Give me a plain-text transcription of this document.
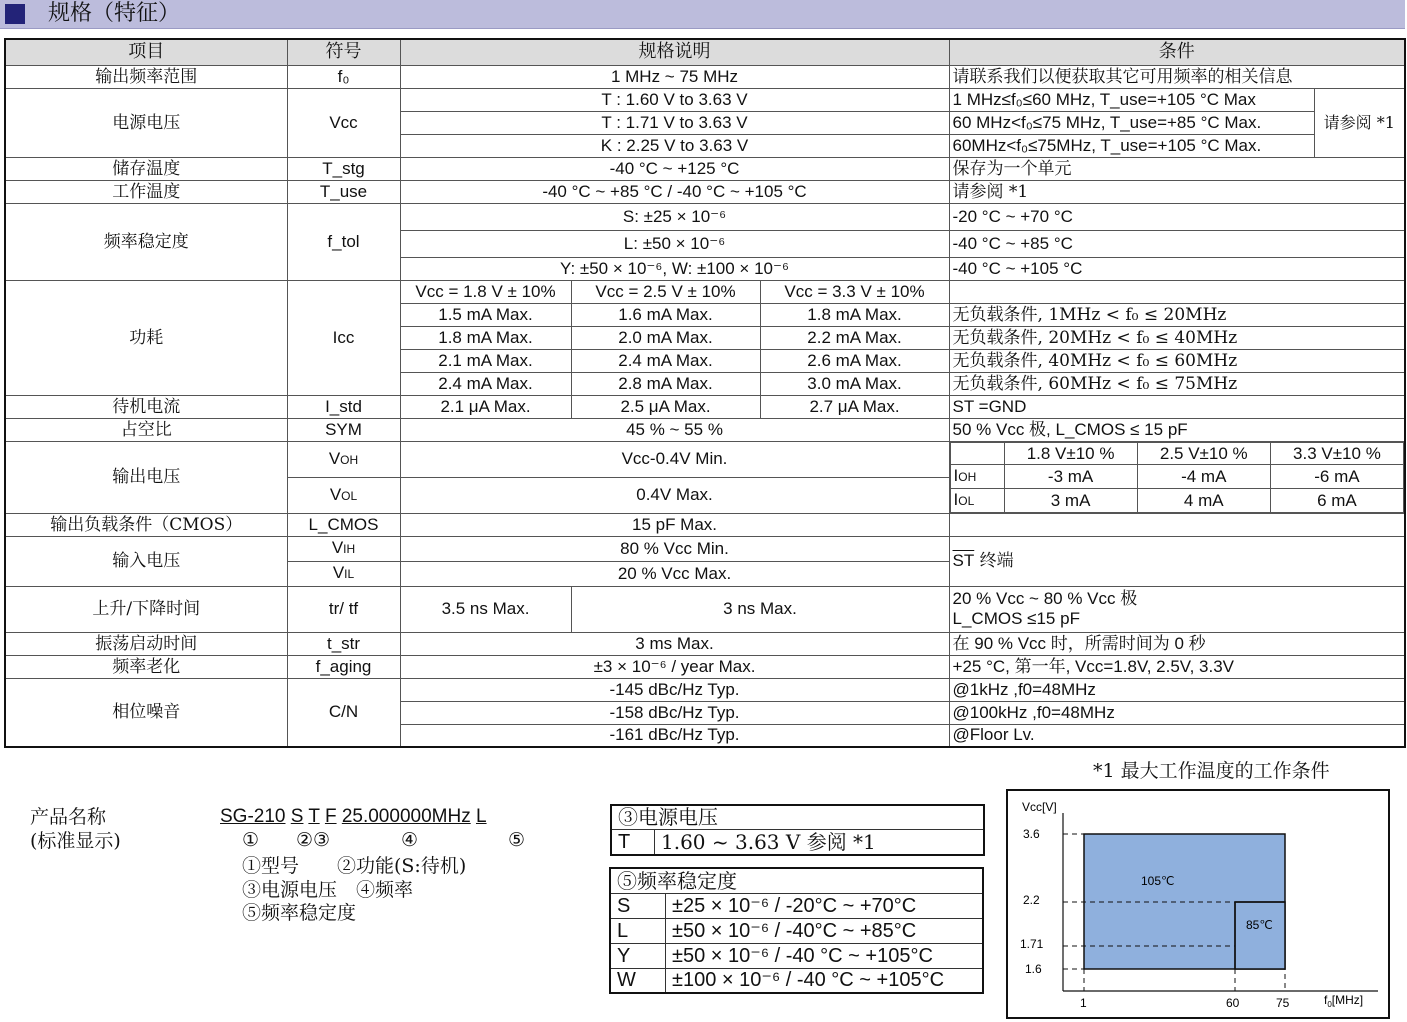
规格（特征）
项目	符号	规格说明	条件
输出频率范围	f₀	1 MHz ~ 75 MHz	请联系我们以便获取其它可用频率的相关信息
电源电压	Vcc	T : 1.60 V to 3.63 V	1 MHz≤f₀≤60 MHz, T_use=+105 °C Max	请参阅 *1
T : 1.71 V to 3.63 V	60 MHz<f₀≤75 MHz, T_use=+85 °C Max.
K : 2.25 V to 3.63 V	60MHz<f₀≤75MHz, T_use=+105 °C Max.
储存温度	T_stg	-40 °C ~ +125 °C	保存为一个单元
工作温度	T_use	-40 °C ~ +85 °C / -40 °C ~ +105 °C	请参阅 *1
频率稳定度	f_tol	S: ±25 × 10⁻⁶	-20 °C ~ +70 °C
L: ±50 × 10⁻⁶	-40 °C ~ +85 °C
Y: ±50 × 10⁻⁶, W: ±100 × 10⁻⁶	-40 °C ~ +105 °C
功耗	Icc	Vcc = 1.8 V ± 10%	Vcc = 2.5 V ± 10%	Vcc = 3.3 V ± 10%	
1.5 mA Max.	1.6 mA Max.	1.8 mA Max.	无负载条件, 1MHz < f₀ ≤ 20MHz
1.8 mA Max.	2.0 mA Max.	2.2 mA Max.	无负载条件, 20MHz < f₀ ≤ 40MHz
2.1 mA Max.	2.4 mA Max.	2.6 mA Max.	无负载条件, 40MHz < f₀ ≤ 60MHz
2.4 mA Max.	2.8 mA Max.	3.0 mA Max.	无负载条件, 60MHz < f₀ ≤ 75MHz
待机电流	I_std	2.1 μA Max.	2.5 μA Max.	2.7 μA Max.	ST =GND
占空比	SYM	45 % ~ 55 %	50 % Vcc 极, L_CMOS ≤ 15 pF
输出电压	VOH	Vcc-0.4V Min.	
		1.8 V±10 %	2.5 V±10 %	3.3 V±10 %
IOH	-3 mA	-4 mA	-6 mA
IOL	3 mA	4 mA	6 mA

VOL	0.4V Max.
输出负载条件（CMOS）	L_CMOS	15 pF Max.	
输入电压	VIH	80 % Vcc Min.	$\overline{ST}$ 终端
VIL	20 % Vcc Max.
上升/下降时间	tr/ tf	3.5 ns Max.	3 ns Max.	
20 % Vcc ~ 80 % Vcc 极
L_CMOS ≤15 pF

振荡启动时间	t_str	3 ms Max.	在 90 % Vcc 时，所需时间为 0 秒
频率老化	f_aging	±3 × 10⁻⁶ / year Max.	+25 °C, 第一年, Vcc=1.8V, 2.5V, 3.3V
相位噪音	C/N	-145 dBc/Hz Typ.	@1kHz ,f0=48MHz
-158 dBc/Hz Typ.	@100kHz ,f0=48MHz
-161 dBc/Hz Typ.	@Floor Lv.
*1 最大工作温度的工作条件
产品名称
(标准显示)
SG-210 S T F 25.000000MHz L
① ②③	④	⑤
①型号　　②功能(S:待机)
③电源电压　④频率
⑤频率稳定度
③电源电压
T	1.60 ~ 3.63 V 参阅 *1
⑤频率稳定度	
S	±25 × 10⁻⁶ / -20°C ~ +70°C
L	±50 × 10⁻⁶ / -40°C ~ +85°C
Y	±50 × 10⁻⁶ / -40 °C ~ +105°C
W	±100 × 10⁻⁶ / -40 °C ~ +105°C
Vcc[V]
3.6
2.2
1.71
1.6
1	60	75	$f_0[MHz]$
105℃
85℃
